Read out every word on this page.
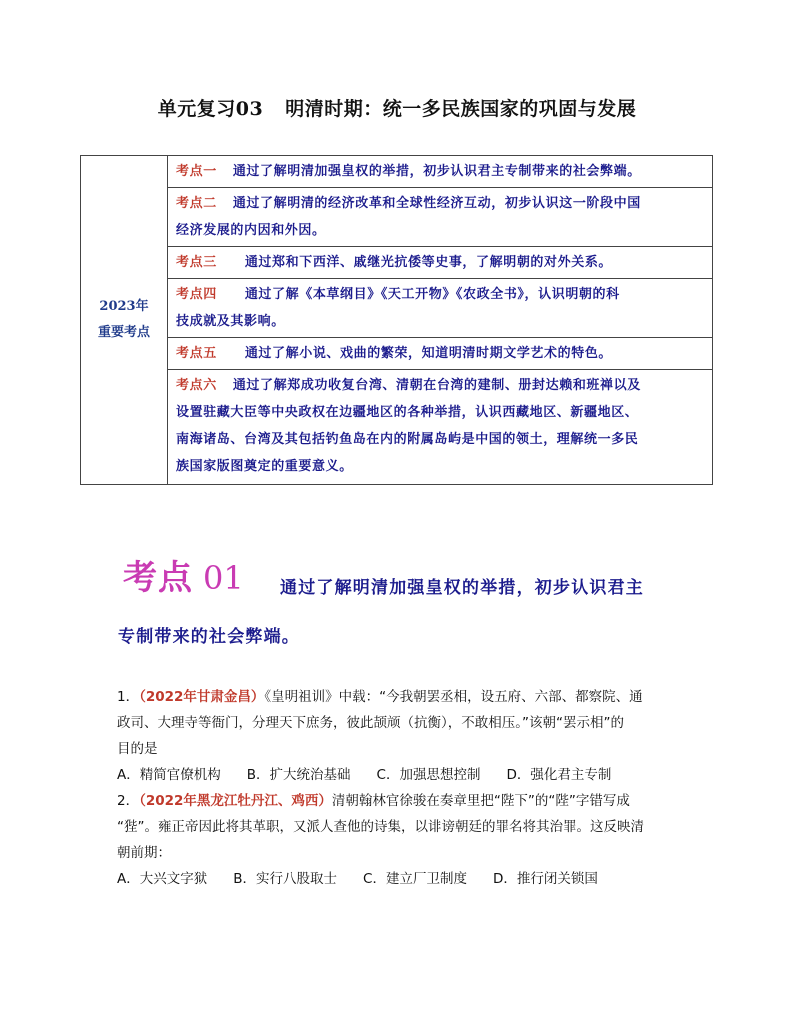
单元复习03 明清时期：统一多民族国家的巩固与发展
2023年
重要考点
	考点一 通过了解明清加强皇权的举措，初步认识君主专制带来的社会弊端。
考点二 通过了解明清的经济改革和全球性经济互动，初步认识这一阶段中国
经济发展的内因和外因。
考点三 通过郑和下西洋、戚继光抗倭等史事，了解明朝的对外关系。
考点四 通过了解《本草纲目》《天工开物》《农政全书》，认识明朝的科
技成就及其影响。
考点五 通过了解小说、戏曲的繁荣，知道明清时期文学艺术的特色。
考点六 通过了解郑成功收复台湾、清朝在台湾的建制、册封达赖和班禅以及
设置驻藏大臣等中央政权在边疆地区的各种举措，认识西藏地区、新疆地区、
南海诸岛、台湾及其包括钓鱼岛在内的附属岛屿是中国的领土，理解统一多民
族国家版图奠定的重要意义。
考点 01 通过了解明清加强皇权的举措，初步认识君主
专制带来的社会弊端。
1．（2022年甘肃金昌）《皇明祖训》中载：“今我朝罢丞相，设五府、六部、都察院、通
政司、大理寺等衙门，分理天下庶务，彼此颉颃（抗衡），不敢相压。”该朝“罢示相”的
目的是
A．精简官僚机构 B．扩大统治基础 C．加强思想控制 D．强化君主专制
2．（2022年黑龙江牡丹江、鸡西）清朝翰林官徐骏在奏章里把“陛下”的“陛”字错写成
“狴”。雍正帝因此将其革职，又派人查他的诗集，以诽谤朝廷的罪名将其治罪。这反映清
朝前期：
A．大兴文字狱 B．实行八股取士 C．建立厂卫制度 D．推行闭关锁国
